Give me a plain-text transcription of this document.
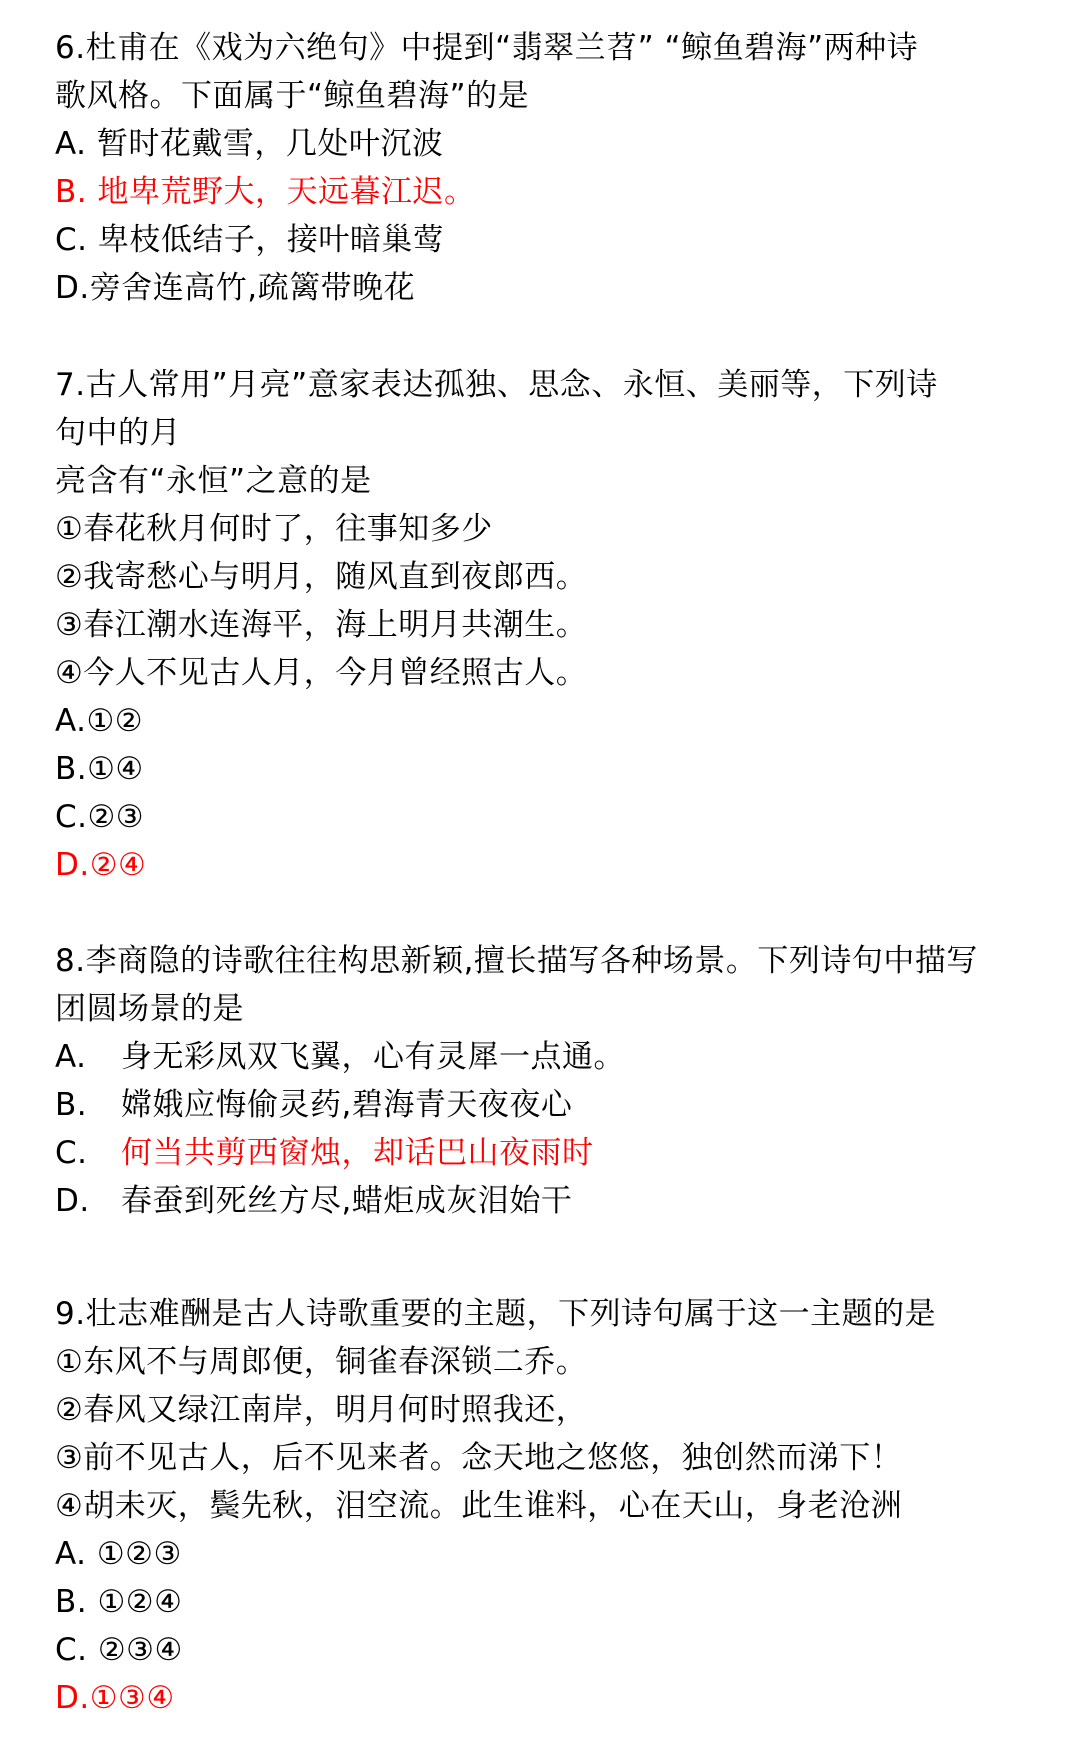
6.杜甫在《戏为六绝句》中提到“翡翠兰苕” “鲸鱼碧海”两种诗
歌风格。下面属于“鲸鱼碧海”的是
A. 暂时花戴雪，几处叶沉波
B. 地卑荒野大，天远暮江迟。
C. 卑枝低结子，接叶暗巢莺
D.旁舍连高竹,疏篱带晚花
7.古人常用”月亮”意家表达孤独、思念、永恒、美丽等，下列诗
句中的月
亮含有“永恒”之意的是
①春花秋月何时了，往事知多少
②我寄愁心与明月，随风直到夜郎西。
③春江潮水连海平，海上明月共潮生。
④今人不见古人月，今月曾经照古人。
A.①②
B.①④
C.②③
D.②④
8.李商隐的诗歌往往构思新颖,擅长描写各种场景。下列诗句中描写
团圆场景的是
A. 身无彩凤双飞翼，心有灵犀一点通。
B. 嫦娥应悔偷灵药,碧海青天夜夜心
C. 何当共剪西窗烛，却话巴山夜雨时
D. 春蚕到死丝方尽,蜡炬成灰泪始干
9.壮志难酬是古人诗歌重要的主题，下列诗句属于这一主题的是
①东风不与周郎便，铜雀春深锁二乔。
②春风又绿江南岸，明月何时照我还，
③前不见古人，后不见来者。念天地之悠悠，独创然而涕下！
④胡未灭，鬓先秋，泪空流。此生谁料，心在天山，身老沧洲
A. ①②③
B. ①②④
C. ②③④
D.①③④
